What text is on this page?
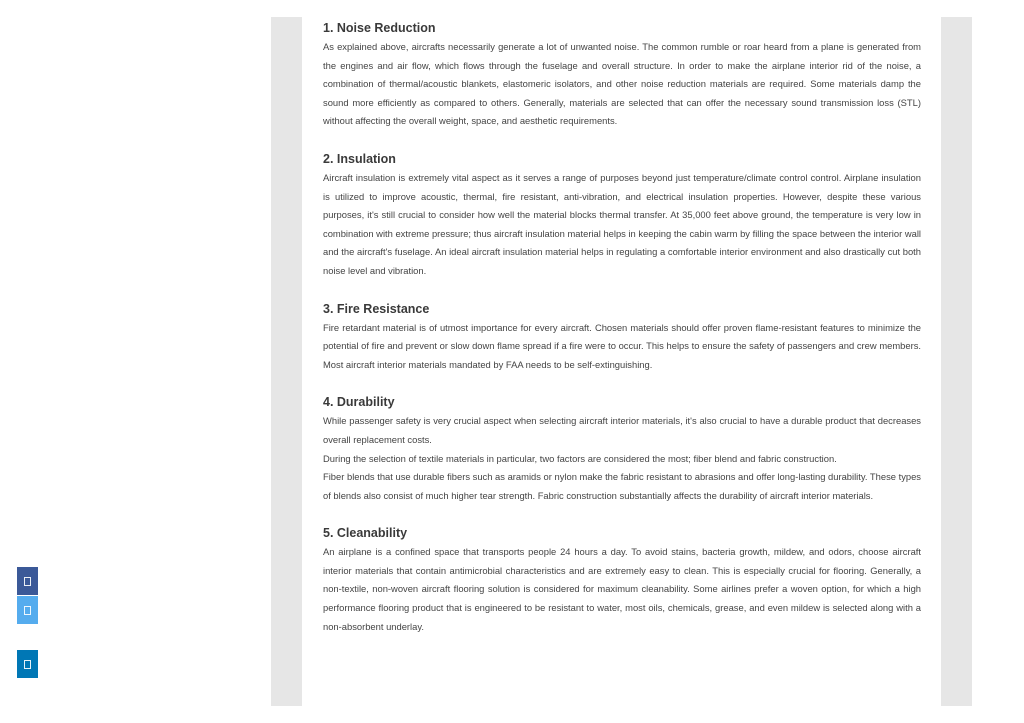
1. Noise Reduction

As explained above, aircrafts necessarily generate a lot of unwanted noise. The common rumble or roar heard from a plane is generated from the engines and air flow, which flows through the fuselage and overall structure. In order to make the airplane interior rid of the noise, a combination of thermal/acoustic blankets, elastomeric isolators, and other noise reduction materials are required. Some materials damp the sound more efficiently as compared to others. Generally, materials are selected that can offer the necessary sound transmission loss (STL) without affecting the overall weight, space, and aesthetic requirements.

2. Insulation

Aircraft insulation is extremely vital aspect as it serves a range of purposes beyond just temperature/climate control control. Airplane insulation is utilized to improve acoustic, thermal, fire resistant, anti-vibration, and electrical insulation properties. However, despite these various purposes, it's still crucial to consider how well the material blocks thermal transfer. At 35,000 feet above ground, the temperature is very low in combination with extreme pressure; thus aircraft insulation material helps in keeping the cabin warm by filling the space between the interior wall and the aircraft's fuselage. An ideal aircraft insulation material helps in regulating a comfortable interior environment and also drastically cut both noise level and vibration.

3. Fire Resistance

Fire retardant material is of utmost importance for every aircraft. Chosen materials should offer proven flame-resistant features to minimize the potential of fire and prevent or slow down flame spread if a fire were to occur. This helps to ensure the safety of passengers and crew members. Most aircraft interior materials mandated by FAA needs to be self-extinguishing.

4. Durability

While passenger safety is very crucial aspect when selecting aircraft interior materials, it's also crucial to have a durable product that decreases overall replacement costs.

During the selection of textile materials in particular, two factors are considered the most; fiber blend and fabric construction.

Fiber blends that use durable fibers such as aramids or nylon make the fabric resistant to abrasions and offer long-lasting durability. These types of blends also consist of much higher tear strength. Fabric construction substantially affects the durability of aircraft interior materials.

5. Cleanability

An airplane is a confined space that transports people 24 hours a day. To avoid stains, bacteria growth, mildew, and odors, choose aircraft interior materials that contain antimicrobial characteristics and are extremely easy to clean. This is especially crucial for flooring. Generally, a non-textile, non-woven aircraft flooring solution is considered for maximum cleanability. Some airlines prefer a woven option, for which a high performance flooring product that is engineered to be resistant to water, most oils, chemicals, grease, and even mildew is selected along with a non-absorbent underlay.
